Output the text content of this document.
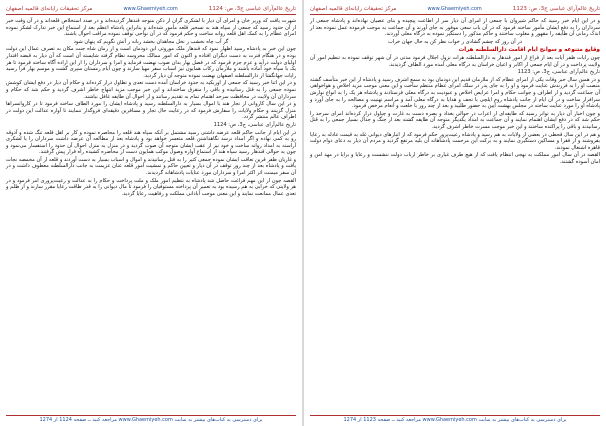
تاریخ عالم‌آرای عباسی ج‏3، ص: 1124
www.Ghaemiyeh.com
مرکز تحقیقات رایانه‌ای قائمیه اصفهان

شهرت یافت که وزیر خان و امرای آن دیار با لشکری گران از دکن متوجه قندهار گردیده‌اند و در صدد استخلاص قلعه‌اند و در آن وقت خبر از آن حدود رسید که جمعی از سپاه هند به تسخیر قلعه مأمور شده‌اند و بنابراین پادشاه اعظم بعد از استماع این خبر تدارک لشکر نموده امرای عظام را به کمک اهل قلعه روانه ساخت و حکم فرمود که در آن نواحی توقف نموده مراقب احوال باشند.

گر آب چاه نخشب ز نخل مجاهدان بخشد زبانه ز آتش نگویم که پنهان شود

چون این خبر به پادشاه رسید اظهار نمود که قندهار ملک موروثی این دودمان است و از زمان شاه جنت مکان به تصرف عمال این دولت بوده و در هنگام فترت به دست دیگران افتاده و اکنون که امور ممالک محروسه نظام گرفته شایسته آن است که آن دیار به قبضه اقتدار اولیای دولت درآید و عزم جزم فرمود که در فصل بهار بدان صوب نهضت فرماید و امرا و سرداران را از این اراده آگاه ساخته فرمود تا هر یک با سپاه خود آماده باشند و ملازمان رکاب همایون نیز اسباب سفر مهیا سازند و چون ایام زمستان سپری گشت و موسم بهار فرا رسید رایات جهانگشا از دارالسلطنه اصفهان نهضت نموده متوجه آن دیار گردید.

و در این اثنا خبر رسید که جمعی از اوزبکیه به حدود خراسان آمده دست تعدی و تطاول دراز کرده‌اند و حکام آن دیار در دفع ایشان کوشش نموده جمعی را به قتل رسانیده و باقی را متفرق ساخته‌اند و این خبر موجب مزید ابتهاج خاطر اشرف گردید و حکم شد که حکام و سرداران آن ولایت در محافظت سرحد اهتمام تمام به تقدیم رسانند و از احوال آن طایفه غافل نباشند.

و در این سال کاروانی از تجار هند با اموال بسیار به دارالسلطنه رسید و پادشاه ایشان را مورد الطاف ساخته فرمود تا در کاروانسراها منزل گزینند و حکام ولایات را سفارش فرمود که در رعایت حال تجار و مسافرین دقیقه‌ای فروگذار ننمایند تا آوازه عدالت این دولت در اطراف عالم منتشر گردد.

تاریخ عالم‌آرای عباسی، ج‏3، ص: 1124

در این ایام از جانب حاکم قلعه عرضه داشتی رسید مشتمل بر آنکه سپاه هند قلعه را محاصره نموده و کار بر اهل قلعه تنگ شده و آذوقه رو به کمی نهاده و اگر امداد نرسد نگاهداشتن قلعه متعسر خواهد بود و پادشاه بعد از مطالعه آن عرضه داشت سرداران را با لشکری آراسته به امداد روانه ساخت و خود نیز از عقب ایشان متوجه آن صوب گردید و در منزل به منزل احوال آن حدود را استفسار می‌نمود و چون به حوالی قندهار رسید سپاه هند از استماع آوازه وصول موکب همایون دست از محاصره کشیده راه فرار پیش گرفتند.

و غازیان ظفر قرین تعاقب ایشان نموده جمعی کثیر را به قتل رسانیدند و اموال و اسباب بسیار به دست آوردند و قلعه از آن مخمصه نجات یافت و پادشاه بعد از چند روز توقف در آن دیار و تعیین حاکم و تمشیت امور قلعه عنان عزیمت به جانب دارالسلطنه معطوف داشت و در آن سفر میمنت اثر اکثر امرا و سرداران مورد عنایات پادشاهانه گردیدند.

القصه چون از این مهم فراغت حاصل شد پادشاه به تنظیم امور ملک و ملت پرداخت و حکام را به عدالت و رعیت‌پروری امر فرمود و در هر ولایتی که خرابی به هم رسیده بود به تعمیر آن پرداخته مستوفیان را فرمود تا مال دیوانی را به قدر طاقت رعایا مقرر سازند و از ظلم و تعدی عمال ممانعت نمایند و این معنی موجب آبادانی مملکت و رفاهیت رعایا گردید.

برای دسترسی به کتاب‌های بیشتر به سایت www.Ghaemiyeh.com مراجعه کنید ــ صفحه 1124 از 1274
تاریخ عالم‌آرای عباسی ج‏3، ص: 1123
www.Ghaemiyeh.com
مرکز تحقیقات رایانه‌ای قائمیه اصفهان

و در این ایام خبر رسید که حاکم شیروان با جمعی از امرای آن دیار سر از اطاعت پیچیده و بنای عصیان نهاده‌اند و پادشاه جمعی از سرداران را به دفع ایشان مأمور ساخته فرمود که در آن باب سعی موفور به جای آورند و آن جماعت به موجب فرموده عمل نموده بعد از اندک زمانی آن طایفه را مقهور و مغلوب ساختند و حاکم مذکور را دستگیر نموده به درگاه معلی آوردند.

در آن روز که چشم گشادی ز خواب نظر کن به حال جهان خراب

وقایع متنوعه و سوانح ایام اقامت دارالسلطنه هرات

چون رایات ظفر آیات بعد از فراغ از امور قندهار به دارالسلطنه هرات نزول اجلال فرمود مدتی در آن شهر توقف نموده به تنظیم امور آن ولایت پرداخت و در آن ایام جمعی از اکابر و اعیان خراسان به درگاه معلی آمده مورد الطاف گردیدند.

تاریخ عالم‌آرای عباسی، ج‏3، ص: 1123

و در همین سال خبر وفات یکی از امرای عظام که از ملازمان قدیم این دودمان بود به سمع اشرف رسید و پادشاه از این خبر متأسف گشته منصب او را به فرزندش عنایت فرمود و او را به جای پدر در سلک امرای عظام منتظم ساخت و این معنی موجب مزید اخلاص و هواخواهی آن جماعت گردید و از اطراف و جوانب حکام و امرا عرایض اخلاص و عبودیت به درگاه معلی فرستادند و پادشاه هر یک را به انواع نوازش سرافراز ساخت و در آن ایام از جانب پادشاه روم ایلچی با تحف و هدایا به درگاه معلی آمد و مراسم تهنیت و مصالحه را به جای آورد و پادشاه او را مورد عنایت ساخته در مجلس بهشت آیین به حضور طلبید و بعد از چند روز با خلعت و انعام مرخص فرمود.

و چون اخبار آن دیار به تواتر رسید که طایفه‌ای از اعراب در حوالی بغداد و بصره دست به غارت و چپاول دراز کرده‌اند امرای سرحد را حکم شد که در دفع ایشان اهتمام نمایند و آن جماعت به امداد یکدیگر متوجه آن طایفه گشته بعد از جنگ و جدال بسیار جمعی را به قتل رسانیدند و باقی را پراکنده ساختند و این خبر موجب مسرت خاطر اشرف گردید.

و هم در این سال قحطی در بعضی از ولایات به هم رسید و پادشاه رعیت‌پرور حکم فرمود که از انبارهای دیوانی غله به قیمت عادله به رعایا بفروشند و از فقرا و مساکین دستگیری نمایند و به برکت این مرحمت پادشاهانه آن بلیه مرتفع گردید و مردم آن دیار به دعای دوام دولت قاهره اشتغال نمودند.

القصه در آن سال امور مملکت به نهجی انتظام یافت که از هیچ طرف غباری بر خاطر ارباب دولت ننشست و رعایا و برایا در مهد امن و امان آسوده گشتند.

برای دسترسی به کتاب‌های بیشتر به سایت www.Ghaemiyeh.com مراجعه کنید ــ صفحه 1123 از 1274
